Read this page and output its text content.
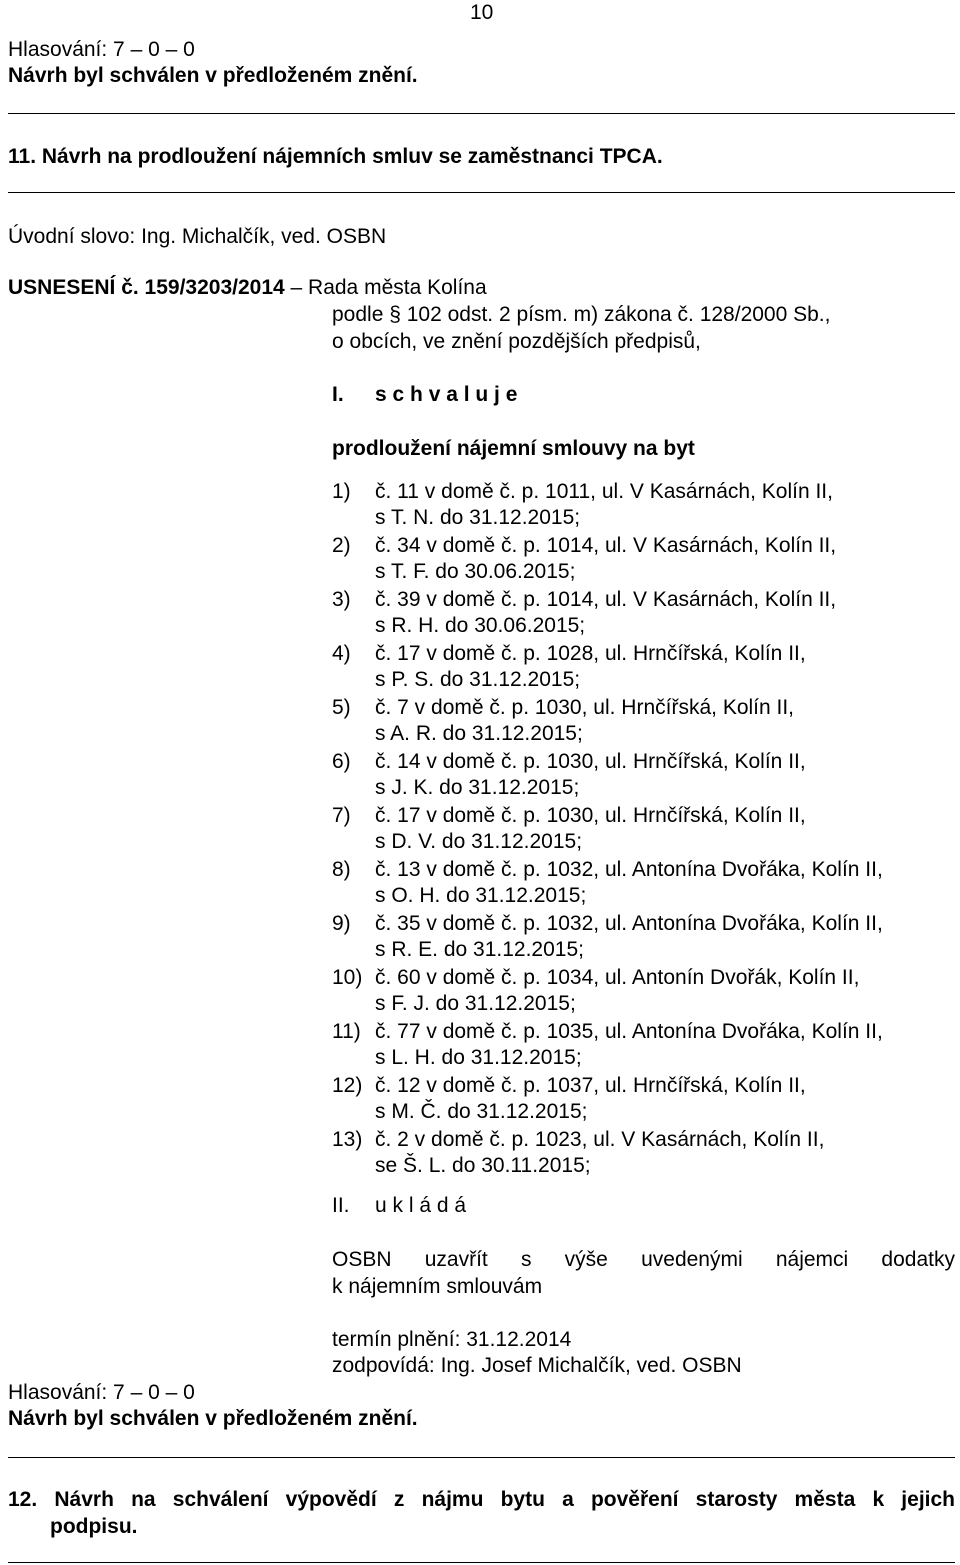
10
Hlasování: 7 – 0 – 0
Návrh byl schválen v předloženém znění.
11. Návrh na prodloužení nájemních smluv se zaměstnanci TPCA.
Úvodní slovo: Ing. Michalčík, ved. OSBN
USNESENÍ č. 159/3203/2014 – Rada města Kolína
podle § 102 odst. 2 písm. m) zákona č. 128/2000 Sb.,
o obcích, ve znění pozdějších předpisů,
I. s c h v a l u j e
prodloužení nájemní smlouvy na byt
1) č. 11 v domě č. p. 1011, ul. V Kasárnách, Kolín II,
s T. N. do 31.12.2015;
2) č. 34 v domě č. p. 1014, ul. V Kasárnách, Kolín II,
s T. F. do 30.06.2015;
3) č. 39 v domě č. p. 1014, ul. V Kasárnách, Kolín II,
s R. H. do 30.06.2015;
4) č. 17 v domě č. p. 1028, ul. Hrnčířská, Kolín II,
s P. S. do 31.12.2015;
5) č. 7 v domě č. p. 1030, ul. Hrnčířská, Kolín II,
s A. R. do 31.12.2015;
6) č. 14 v domě č. p. 1030, ul. Hrnčířská, Kolín II,
s J. K. do 31.12.2015;
7) č. 17 v domě č. p. 1030, ul. Hrnčířská, Kolín II,
s D. V. do 31.12.2015;
8) č. 13 v domě č. p. 1032, ul. Antonína Dvořáka, Kolín II,
s O. H. do 31.12.2015;
9) č. 35 v domě č. p. 1032, ul. Antonína Dvořáka, Kolín II,
s R. E. do 31.12.2015;
10) č. 60 v domě č. p. 1034, ul. Antonín Dvořák, Kolín II,
s F. J. do 31.12.2015;
11) č. 77 v domě č. p. 1035, ul. Antonína Dvořáka, Kolín II,
s L. H. do 31.12.2015;
12) č. 12 v domě č. p. 1037, ul. Hrnčířská, Kolín II,
s M. Č. do 31.12.2015;
13) č. 2 v domě č. p. 1023, ul. V Kasárnách, Kolín II,
se Š. L. do 30.11.2015;
II. u k l á d á
OSBN uzavřít s výše uvedenými nájemci dodatky
k nájemním smlouvám
termín plnění: 31.12.2014
zodpovídá: Ing. Josef Michalčík, ved. OSBN
Hlasování: 7 – 0 – 0
Návrh byl schválen v předloženém znění.
12. Návrh na schválení výpovědí z nájmu bytu a pověření starosty města k jejich
podpisu.
